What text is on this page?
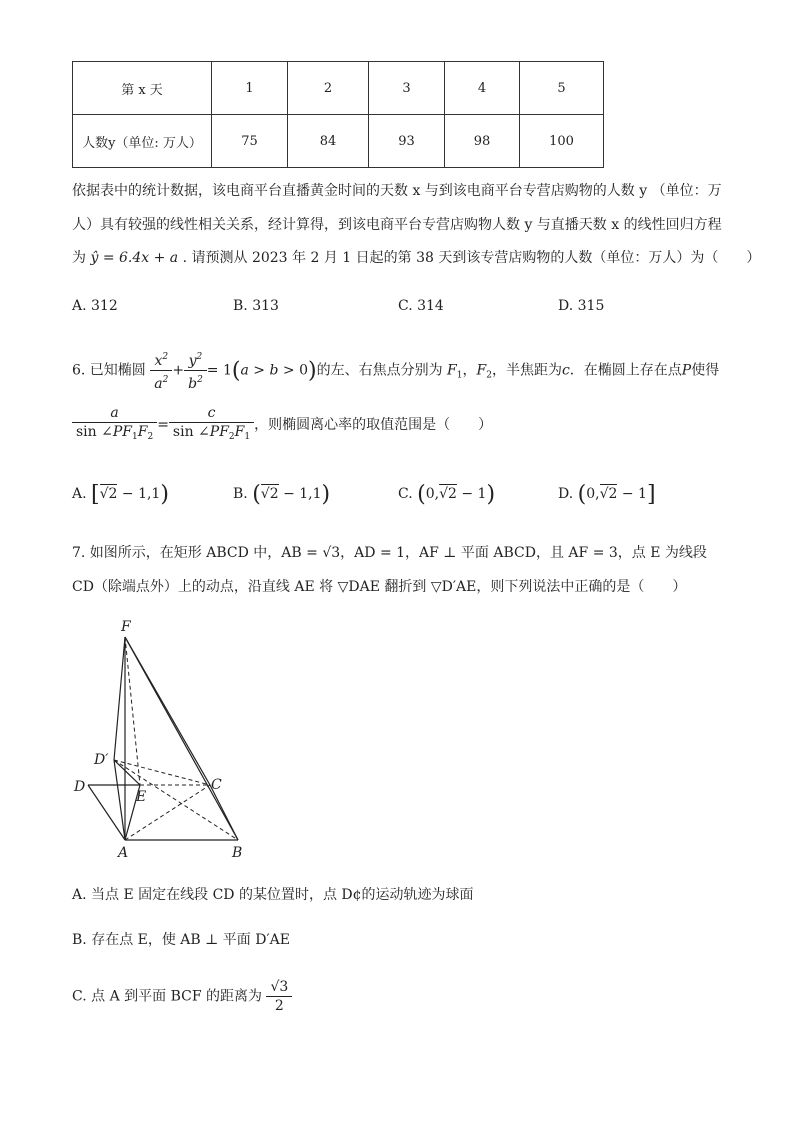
第 x 天	1	2	3	4	5
人数y（单位: 万人）	75	84	93	98	100
依据表中的统计数据，该电商平台直播黄金时间的天数 x 与到该电商平台专营店购物的人数 y （单位：万
人）具有较强的线性相关关系，经计算得，到该电商平台专营店购物人数 y 与直播天数 x 的线性回归方程
为 ŷ = 6.4x + a . 请预测从 2023 年 2 月 1 日起的第 38 天到该专营店购物的人数（单位：万人）为（　　）
A. 312	B. 313	C. 314	D. 315
6. 已知椭圆 $\frac{x^2}{a^2} + \frac{y^2}{b^2} = 1(a > b > 0)$的左、右焦点分别为 $F_1$，$F_2$，半焦距为c．在椭圆上存在点P使得
$\frac{a}{\sin \angle PF_1F_2} = \frac{c}{\sin \angle PF_2F_1}$ ，则椭圆离心率的取值范围是（　　）
A. [√2 − 1,1)	B. (√2 − 1,1)	C. (0,√2 − 1)	D. (0,√2 − 1]
7. 如图所示，在矩形 ABCD 中，AB = √3，AD = 1，AF ⊥ 平面 ABCD，且 AF = 3，点 E 为线段
CD（除端点外）上的动点，沿直线 AE 将 ▽DAE 翻折到 ▽D′AE，则下列说法中正确的是（　　）
F
D′
D
E
C
A	B
A. 当点 E 固定在线段 CD 的某位置时，点 D¢的运动轨迹为球面
B. 存在点 E，使 AB ⊥ 平面 D′AE
C. 点 A 到平面 BCF 的距离为 $\frac{√3}{2}$
